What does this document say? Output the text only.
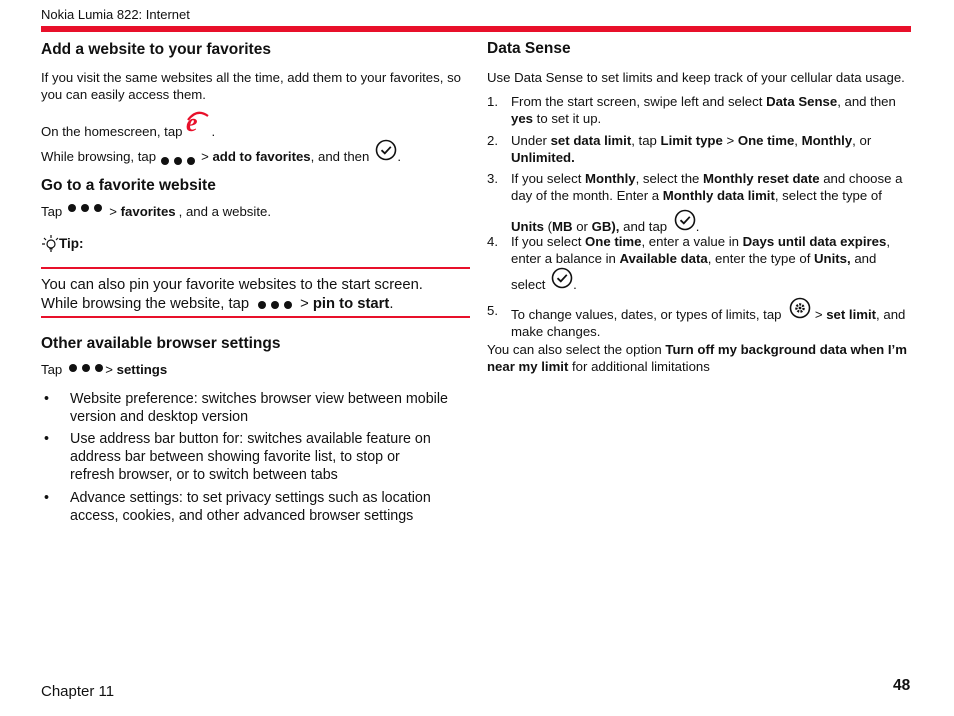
Nokia Lumia 822: Internet
Add a website to your favorites
If you visit the same websites all the time, add them to your favorites, so you can easily access them.
On the homescreen, tap e .
While browsing, tap	>
add to favorites , and then .
Go to a favorite website
Tap	>
favorites , and a website.
Tip:
You can also pin your favorite websites to the start screen.
While browsing the website, tap	>
pin to start .
Other available browser settings
Tap	>
settings
•	Website preference: switches browser view between mobile version and desktop version
•	Use address bar button for: switches available feature on address bar between showing favorite list, to stop or refresh browser, or to switch between tabs
•	Advance settings: to set privacy settings such as location access, cookies, and other advanced browser settings
Data Sense
Use Data Sense to set limits and keep track of your cellular data usage.
1. From the start screen, swipe left and select Data Sense, and then yes to set it up.
2. Under set data limit, tap Limit type > One time, Monthly, or Unlimited.
3. If you select Monthly, select the Monthly reset date and choose a day of the month. Enter a Monthly data limit, select the type of Units (MB or GB), and tap .
4. If you select One time, enter a value in Days until data expires, enter a balance in Available data, enter the type of Units, and select .
5. To change values, dates, or types of limits, tap  > set limit, and make changes.
You can also select the option Turn off my background data when I’m near my limit for additional limitations
Chapter 11	48
